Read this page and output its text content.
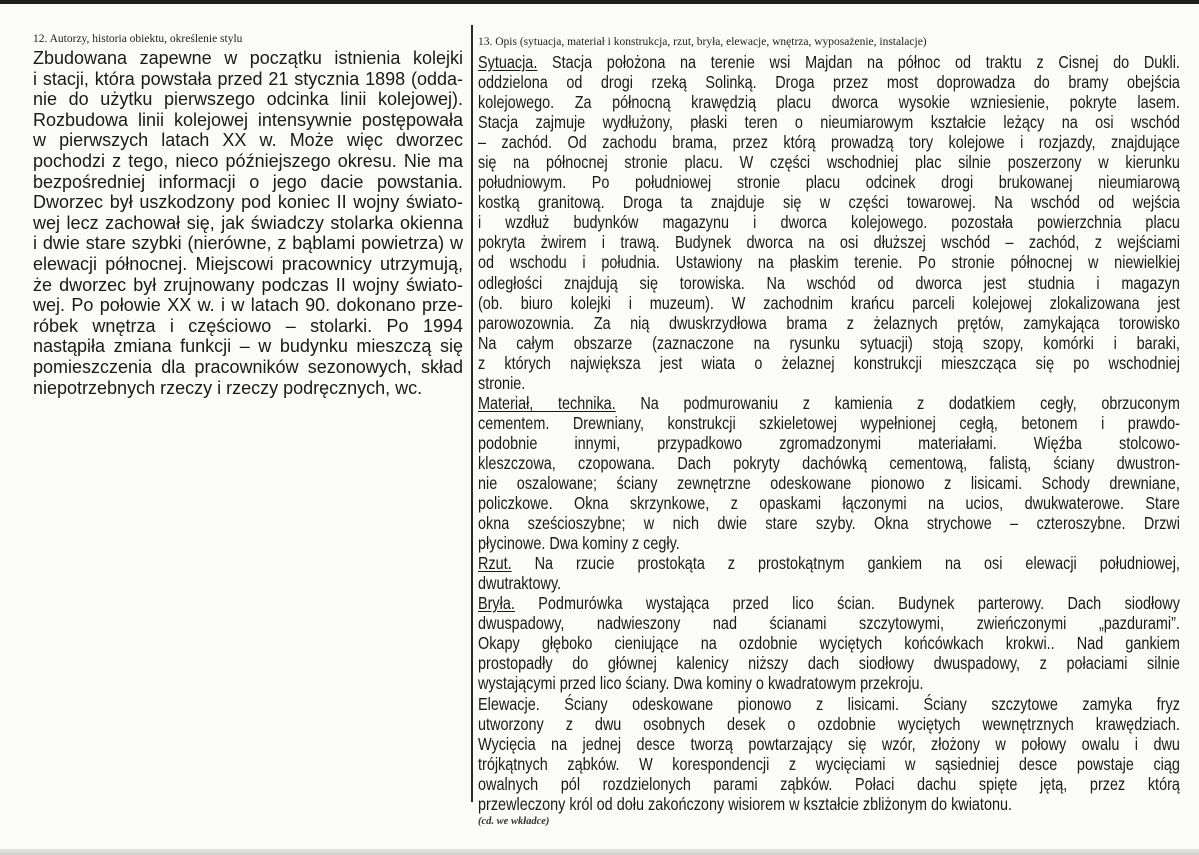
12. Autorzy, historia obiektu, określenie stylu
Zbudowana zapewne w początku istnienia kolejki
i stacji, która powstała przed 21 stycznia 1898 (odda-
nie do użytku pierwszego odcinka linii kolejowej).
Rozbudowa linii kolejowej intensywnie postępowała
w pierwszych latach XX w. Może więc dworzec
pochodzi z tego, nieco późniejszego okresu. Nie ma
bezpośredniej informacji o jego dacie powstania.
Dworzec był uszkodzony pod koniec II wojny świato-
wej lecz zachował się, jak świadczy stolarka okienna
i dwie stare szybki (nierówne, z bąblami powietrza) w
elewacji północnej. Miejscowi pracownicy utrzymują,
że dworzec był zrujnowany podczas II wojny świato-
wej. Po połowie XX w. i w latach 90. dokonano prze-
róbek wnętrza i częściowo – stolarki. Po 1994
nastąpiła zmiana funkcji – w budynku mieszczą się
pomieszczenia dla pracowników sezonowych, skład
niepotrzebnych rzeczy i rzeczy podręcznych, wc.
13. Opis (sytuacja, materiał i konstrukcja, rzut, bryła, elewacje, wnętrza, wyposażenie, instalacje)
Sytuacja. Stacja położona na terenie wsi Majdan na północ od traktu z Cisnej do Dukli.
oddzielona od drogi rzeką Solinką. Droga przez most doprowadza do bramy obejścia
kolejowego. Za północną krawędzią placu dworca wysokie wzniesienie, pokryte lasem.
Stacja zajmuje wydłużony, płaski teren o nieumiarowym kształcie leżący na osi wschód
– zachód. Od zachodu brama, przez którą prowadzą tory kolejowe i rozjazdy, znajdujące
się na północnej stronie placu. W części wschodniej plac silnie poszerzony w kierunku
południowym. Po południowej stronie placu odcinek drogi brukowanej nieumiarową
kostką granitową. Droga ta znajduje się w części towarowej. Na wschód od wejścia
i wzdłuż budynków magazynu i dworca kolejowego. pozostała powierzchnia placu
pokryta żwirem i trawą. Budynek dworca na osi dłuższej wschód – zachód, z wejściami
od wschodu i południa. Ustawiony na płaskim terenie. Po stronie północnej w niewielkiej
odległości znajdują się torowiska. Na wschód od dworca jest studnia i magazyn
(ob. biuro kolejki i muzeum). W zachodnim krańcu parceli kolejowej zlokalizowana jest
parowozownia. Za nią dwuskrzydłowa brama z żelaznych prętów, zamykająca torowisko
Na całym obszarze (zaznaczone na rysunku sytuacji) stoją szopy, komórki i baraki,
z których największa jest wiata o żelaznej konstrukcji mieszcząca się po wschodniej
stronie.
Materiał, technika. Na podmurowaniu z kamienia z dodatkiem cegły, obrzuconym
cementem. Drewniany, konstrukcji szkieletowej wypełnionej cegłą, betonem i prawdo-
podobnie innymi, przypadkowo zgromadzonymi materiałami. Więźba stolcowo-
kleszczowa, czopowana. Dach pokryty dachówką cementową, falistą, ściany dwustron-
nie oszalowane; ściany zewnętrzne odeskowane pionowo z lisicami. Schody drewniane,
policzkowe. Okna skrzynkowe, z opaskami łączonymi na ucios, dwukwaterowe. Stare
okna sześcioszybne; w nich dwie stare szyby. Okna strychowe – czteroszybne. Drzwi
płycinowe. Dwa kominy z cegły.
Rzut. Na rzucie prostokąta z prostokątnym gankiem na osi elewacji południowej,
dwutraktowy.
Bryła. Podmurówka wystająca przed lico ścian. Budynek parterowy. Dach siodłowy
dwuspadowy, nadwieszony nad ścianami szczytowymi, zwieńczonymi „pazdurami”.
Okapy głęboko cieniujące na ozdobnie wyciętych końcówkach krokwi.. Nad gankiem
prostopadły do głównej kalenicy niższy dach siodłowy dwuspadowy, z połaciami silnie
wystającymi przed lico ściany. Dwa kominy o kwadratowym przekroju.
Elewacje. Ściany odeskowane pionowo z lisicami. Ściany szczytowe zamyka fryz
utworzony z dwu osobnych desek o ozdobnie wyciętych wewnętrznych krawędziach.
Wycięcia na jednej desce tworzą powtarzający się wzór, złożony w połowy owalu i dwu
trójkątnych ząbków. W korespondencji z wycięciami w sąsiedniej desce powstaje ciąg
owalnych pól rozdzielonych parami ząbków. Połaci dachu spięte jętą, przez którą
przewleczony król od dołu zakończony wisiorem w kształcie zbliżonym do kwiatonu.
(cd. we wkładce)
